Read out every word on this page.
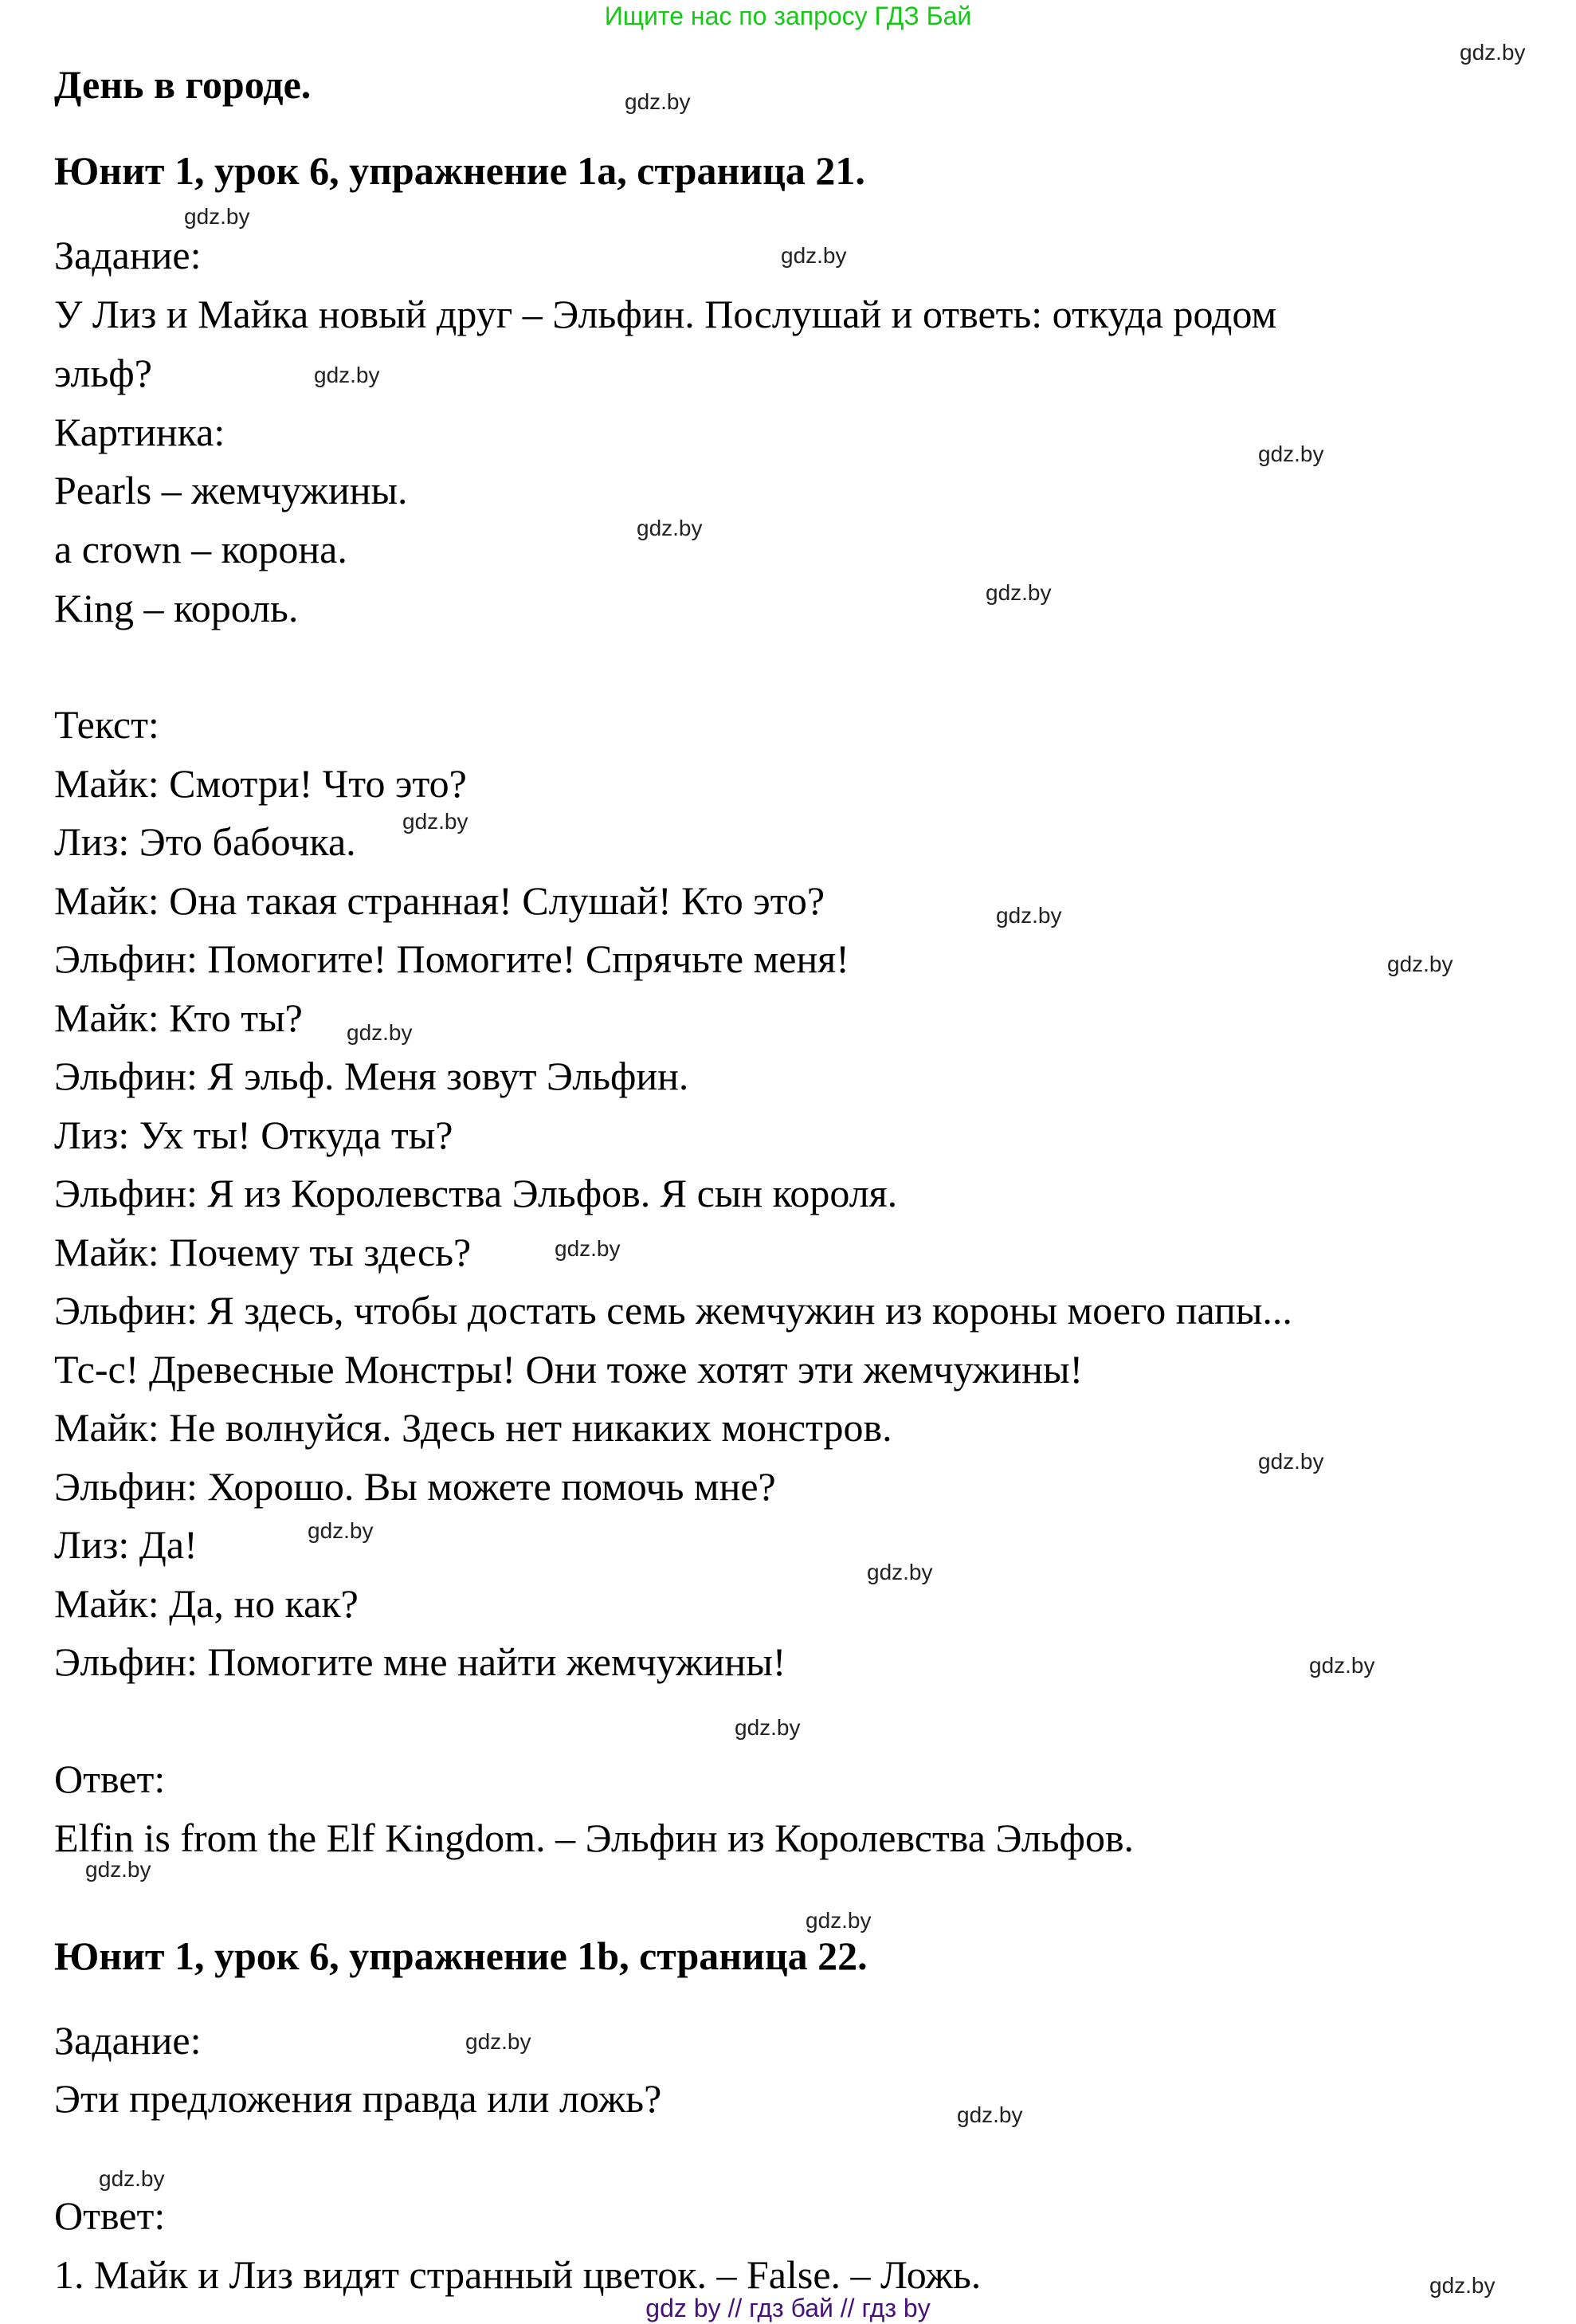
Ищите нас по запросу ГДЗ Бай
День в городе.
Юнит 1, урок 6, упражнение 1a, страница 21.
Задание:
У Лиз и Майка новый друг – Эльфин. Послушай и ответь: откуда родом
эльф?
Картинка:
Pearls – жемчужины.
a crown – корона.
King – король.
Текст:
Майк: Смотри! Что это?
Лиз: Это бабочка.
Майк: Она такая странная! Слушай! Кто это?
Эльфин: Помогите! Помогите! Спрячьте меня!
Майк: Кто ты?
Эльфин: Я эльф. Меня зовут Эльфин.
Лиз: Ух ты! Откуда ты?
Эльфин: Я из Королевства Эльфов. Я сын короля.
Майк: Почему ты здесь?
Эльфин: Я здесь, чтобы достать семь жемчужин из короны моего папы...
Тс-с! Древесные Монстры! Они тоже хотят эти жемчужины!
Майк: Не волнуйся. Здесь нет никаких монстров.
Эльфин: Хорошо. Вы можете помочь мне?
Лиз: Да!
Майк: Да, но как?
Эльфин: Помогите мне найти жемчужины!
Ответ:
Elfin is from the Elf Kingdom. – Эльфин из Королевства Эльфов.
Юнит 1, урок 6, упражнение 1b, страница 22.
Задание:
Эти предложения правда или ложь?
Ответ:
1. Майк и Лиз видят странный цветок. – False. – Ложь.
gdz.by
gdz.by
gdz.by
gdz.by
gdz.by
gdz.by
gdz.by
gdz.by
gdz.by
gdz.by
gdz.by
gdz.by
gdz.by
gdz.by
gdz.by
gdz.by
gdz.by
gdz.by
gdz.by
gdz.by
gdz.by
gdz.by
gdz.by
gdz.by
gdz by // гдз бай // гдз by
